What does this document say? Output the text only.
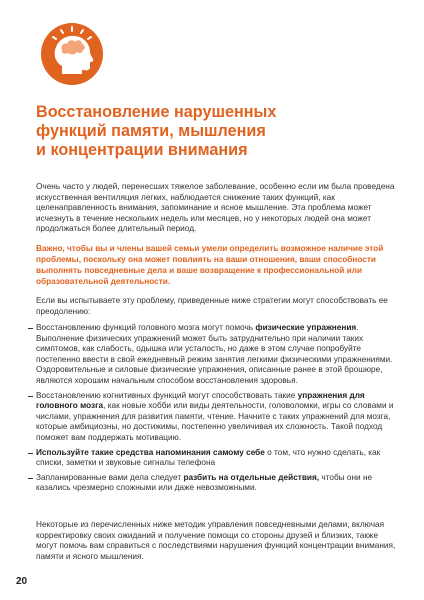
Восстановление нарушенных
функций памяти, мышления
и концентрации внимания

Очень часто у людей, перенесших тяжелое заболевание, особенно если им была проведена искусственная вентиляция легких, наблюдается снижение таких функций, как целенаправленность внимания, запоминание и ясное мышление. Эта проблема может исчезнуть в течение нескольких недель или месяцев, но у некоторых людей она может продолжаться более длительный период.

Важно, чтобы вы и члены вашей семьи умели определить возможное наличие этой проблемы, поскольку она может повлиять на ваши отношения, ваши способности выполнять повседневные дела и ваше возвращение к профессиональной или образовательной деятельности.

Если вы испытываете эту проблему, приведенные ниже стратегии могут способствовать ее преодолению:

Восстановлению функций головного мозга могут помочь физические упражнения. Выполнение физических упражнений может быть затруднительно при наличии таких симптомов, как слабость, одышка или усталость, но даже в этом случае попробуйте постепенно ввести в свой ежедневный режим занятия легкими физическими упражнениями. Оздоровительные и силовые физические упражнения, описанные ранее в этой брошюре, являются хорошим начальным способом восстановления здоровья.
Восстановлению когнитивных функций могут способствовать такие упражнения для головного мозга, как новые хобби или виды деятельности, головоломки, игры со словами и числами, упражнения для развития памяти, чтение. Начните с таких упражнений для мозга, которые амбициозны, но достижимы, постепенно увеличивая их сложность. Такой подход поможет вам поддержать мотивацию.
Используйте такие средства напоминания самому себе о том, что нужно сделать, как списки, заметки и звуковые сигналы телефона
Запланированные вами дела следует разбить на отдельные действия, чтобы они не казались чрезмерно сложными или даже невозможными.

Некоторые из перечисленных ниже методик управления повседневными делами, включая корректировку своих ожиданий и получение помощи со стороны друзей и близких, также могут помочь вам справиться с последствиями нарушения функций концентрации внимания, памяти и ясного мышления.

20
